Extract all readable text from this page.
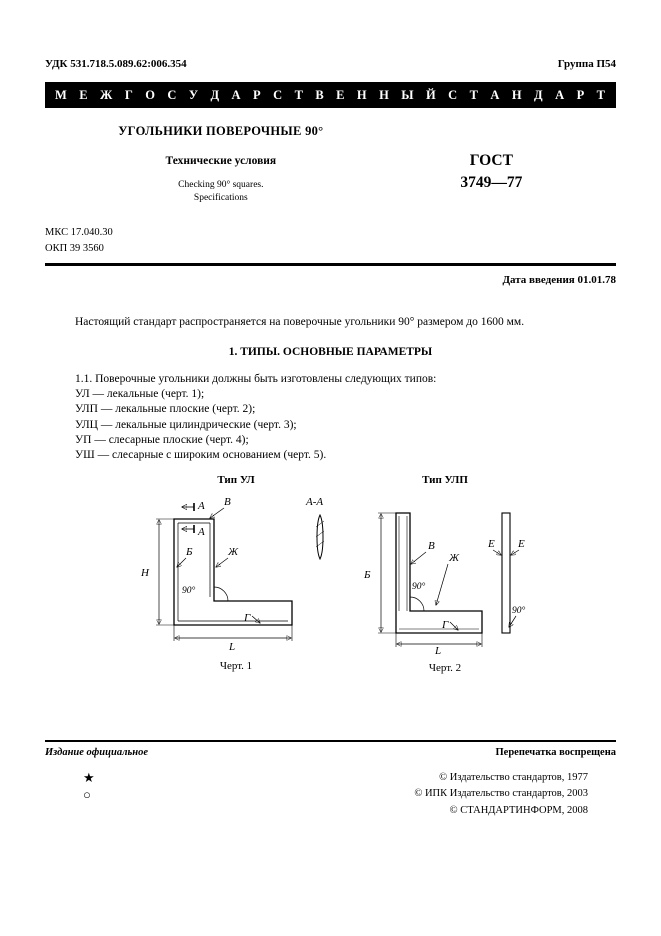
УДК 531.718.5.089.62:006.354	Группа П54
М Е Ж Г О С У Д А Р С Т В Е Н Н Ы Й С Т А Н Д А Р Т
УГОЛЬНИКИ ПОВЕРОЧНЫЕ 90°
Технические условия
Checking 90° squares.
Specifications
ГОСТ
3749—77
МКС 17.040.30
ОКП 39 3560
Дата введения 01.01.78
Настоящий стандарт распространяется на поверочные угольники 90° размером до 1600 мм.
1. ТИПЫ. ОСНОВНЫЕ ПАРАМЕТРЫ
1.1. Поверочные угольники должны быть изготовлены следующих типов:
УЛ — лекальные (черт. 1);
УЛП — лекальные плоские (черт. 2);
УЛЦ — лекальные цилиндрические (черт. 3);
УП — слесарные плоские (черт. 4);
УШ — слесарные с широким основанием (черт. 5).
Тип УЛ
А
А
В
Б	Ж
90°
Г
Н
L
А-А
Черт. 1
Тип УЛП
Б
В
Ж
90°
Г
L
Е Е
90°
Черт. 2
Издание официальное	Перепечатка воспрещена
★
○
© Издательство стандартов, 1977
© ИПК Издательство стандартов, 2003
© СТАНДАРТИНФОРМ, 2008
